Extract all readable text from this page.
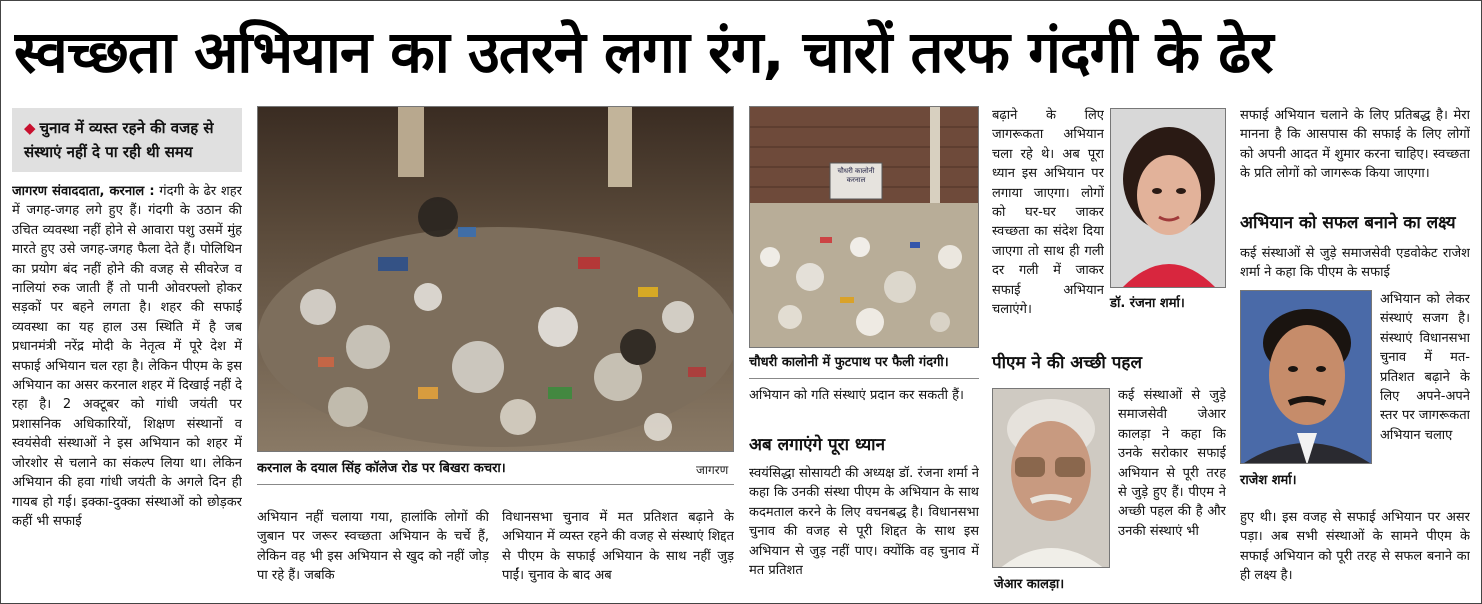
स्वच्छता अभियान का उतरने लगा रंग, चारों तरफ गंदगी के ढेर
◆ चुनाव में व्यस्त रहने की वजह से संस्थाएं नहीं दे पा रही थी समय
जागरण संवाददाता, करनाल : गंदगी के ढेर शहर में जगह-जगह लगे हुए हैं। गंदगी के उठान की उचित व्यवस्था नहीं होने से आवारा पशु उसमें मुंह मारते हुए उसे जगह-जगह फैला देते हैं। पोलिथिन का प्रयोग बंद नहीं होने की वजह से सीवरेज व नालियां रुक जाती हैं तो पानी ओवरफ्लो होकर सड़कों पर बहने लगता है। शहर की सफाई व्यवस्था का यह हाल उस स्थिति में है जब प्रधानमंत्री नरेंद्र मोदी के नेतृत्व में पूरे देश में सफाई अभियान चल रहा है। लेकिन पीएम के इस अभियान का असर करनाल शहर में दिखाई नहीं दे रहा है। 2 अक्टूबर को गांधी जयंती पर प्रशासनिक अधिकारियों, शिक्षण संस्थानों व स्वयंसेवी संस्थाओं ने इस अभियान को शहर में जोरशोर से चलाने का संकल्प लिया था। लेकिन अभियान की हवा गांधी जयंती के अगले दिन ही गायब हो गई। इक्का-दुक्का संस्थाओं को छोड़कर कहीं भी सफाई
करनाल के दयाल सिंह कॉलेज रोड पर बिखरा कचरा।	जागरण
अभियान नहीं चलाया गया, हालांकि लोगों की जुबान पर जरूर स्वच्छता अभियान के चर्चे हैं, लेकिन वह भी इस अभियान से खुद को नहीं जोड़ पा रहे हैं। जबकि
विधानसभा चुनाव में मत प्रतिशत बढ़ाने के अभियान में व्यस्त रहने की वजह से संस्थाएं शिद्दत से पीएम के सफाई अभियान के साथ नहीं जुड़ पाईं। चुनाव के बाद अब
चौधरी कालोनी करनाल
चौधरी कालोनी में फुटपाथ पर फैली गंदगी।
अभियान को गति संस्थाएं प्रदान कर सकती हैं।
अब लगाएंगे पूरा ध्यान
स्वयंसिद्धा सोसायटी की अध्यक्ष डॉ. रंजना शर्मा ने कहा कि उनकी संस्था पीएम के अभियान के साथ कदमताल करने के लिए वचनबद्ध है। विधानसभा चुनाव की वजह से पूरी शिद्दत के साथ इस अभियान से जुड़ नहीं पाए। क्योंकि वह चुनाव में मत प्रतिशत
बढ़ाने के लिए जागरूकता अभियान चला रहे थे। अब पूरा ध्यान इस अभियान पर लगाया जाएगा। लोगों को घर-घर जाकर स्वच्छता का संदेश दिया जाएगा तो साथ ही गली दर गली में जाकर सफाई अभियान चलाएंगे।	डॉ. रंजना शर्मा।
पीएम ने की अच्छी पहल
जेआर कालड़ा।
कई संस्थाओं से जुड़े समाजसेवी जेआर कालड़ा ने कहा कि उनके सरोकार सफाई अभियान से पूरी तरह से जुड़े हुए हैं। पीएम ने अच्छी पहल की है और उनकी संस्थाएं भी
सफाई अभियान चलाने के लिए प्रतिबद्ध है। मेरा मानना है कि आसपास की सफाई के लिए लोगों को अपनी आदत में शुमार करना चाहिए। स्वच्छता के प्रति लोगों को जागरूक किया जाएगा।
अभियान को सफल बनाने का लक्ष्य
कई संस्थाओं से जुड़े समाजसेवी एडवोकेट राजेश शर्मा ने कहा कि पीएम के सफाई
राजेश शर्मा।
अभियान को लेकर संस्थाएं सजग है। संस्थाएं विधानसभा चुनाव में मत-प्रतिशत बढ़ाने के लिए अपने-अपने स्तर पर जागरूकता अभियान चलाए
हुए थी। इस वजह से सफाई अभियान पर असर पड़ा। अब सभी संस्थाओं के सामने पीएम के सफाई अभियान को पूरी तरह से सफल बनाने का ही लक्ष्य है।
